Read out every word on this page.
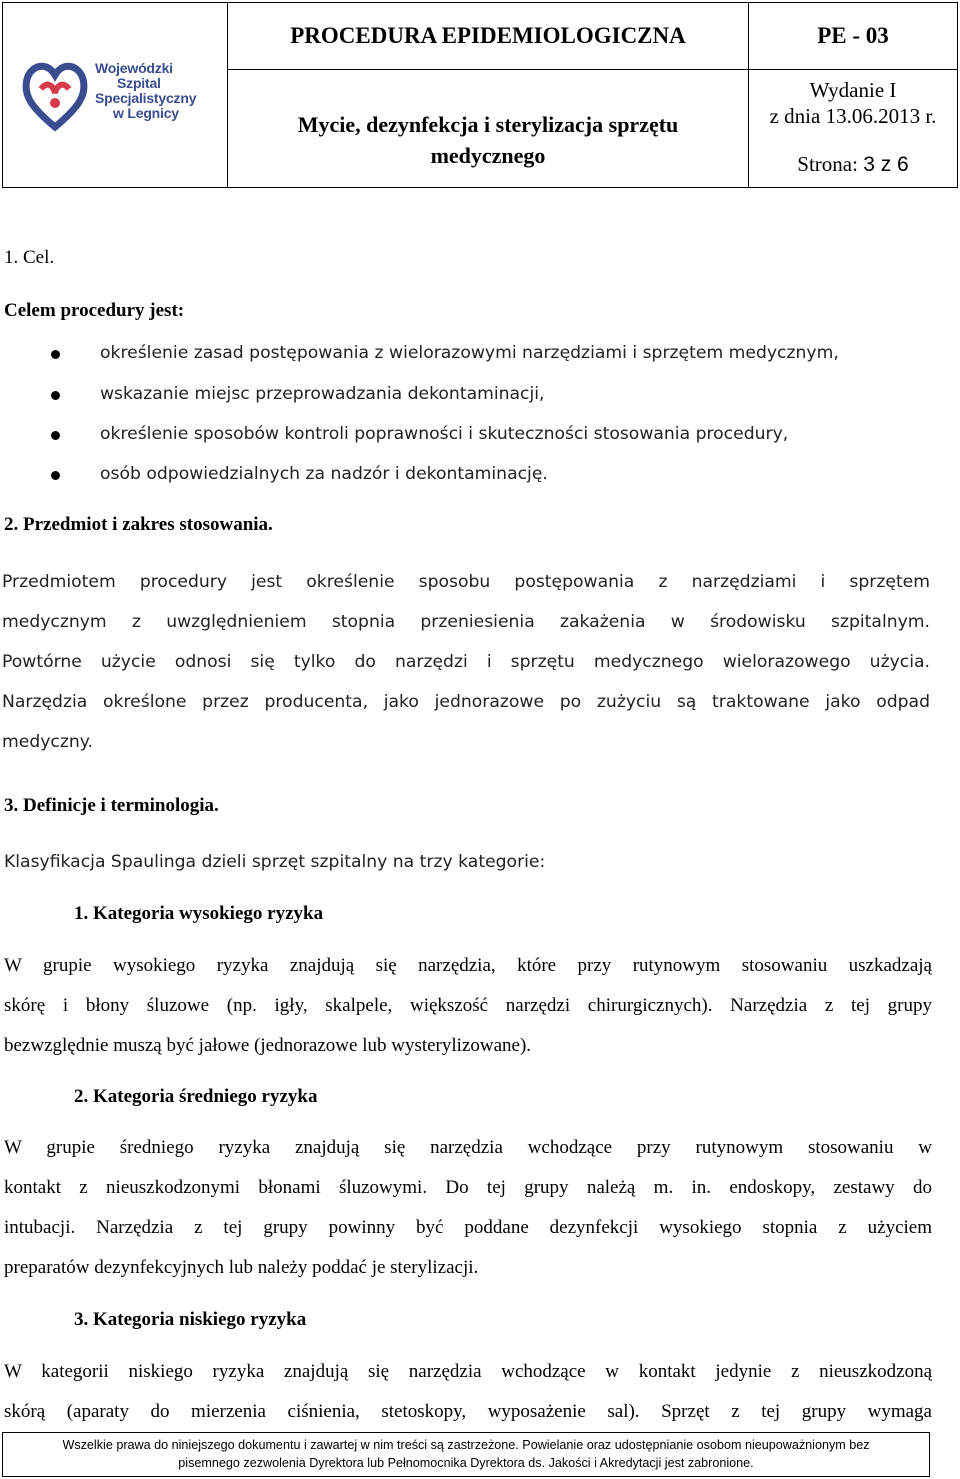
Wojewódzki
Szpital
Specjalistyczny
w Legnicy
PROCEDURA EPIDEMIOLOGICZNA	PE - 03
Mycie, dezynfekcja i sterylizacja sprzętu
medycznego
Wydanie I
z dnia 13.06.2013 r.
Strona: 3 z 6
1. Cel.
Celem procedury jest:
określenie zasad postępowania z wielorazowymi narzędziami i sprzętem medycznym,
wskazanie miejsc przeprowadzania dekontaminacji,
określenie sposobów kontroli poprawności i skuteczności stosowania procedury,
osób odpowiedzialnych za nadzór i dekontaminację.
2. Przedmiot i zakres stosowania.
Przedmiotem procedury jest określenie sposobu postępowania z narzędziami i sprzętem
medycznym z uwzględnieniem stopnia przeniesienia zakażenia w środowisku szpitalnym.
Powtórne użycie odnosi się tylko do narzędzi i sprzętu medycznego wielorazowego użycia.
Narzędzia określone przez producenta, jako jednorazowe po zużyciu są traktowane jako odpad
medyczny.
3. Definicje i terminologia.
Klasyfikacja Spaulinga dzieli sprzęt szpitalny na trzy kategorie:
1. Kategoria wysokiego ryzyka
W grupie wysokiego ryzyka znajdują się narzędzia, które przy rutynowym stosowaniu uszkadzają
skórę i błony śluzowe (np. igły, skalpele, większość narzędzi chirurgicznych). Narzędzia z tej grupy
bezwzględnie muszą być jałowe (jednorazowe lub wysterylizowane).
2. Kategoria średniego ryzyka
W grupie średniego ryzyka znajdują się narzędzia wchodzące przy rutynowym stosowaniu w
kontakt z nieuszkodzonymi błonami śluzowymi. Do tej grupy należą m. in. endoskopy, zestawy do
intubacji. Narzędzia z tej grupy powinny być poddane dezynfekcji wysokiego stopnia z użyciem
preparatów dezynfekcyjnych lub należy poddać je sterylizacji.
3. Kategoria niskiego ryzyka
W kategorii niskiego ryzyka znajdują się narzędzia wchodzące w kontakt jedynie z nieuszkodzoną
skórą (aparaty do mierzenia ciśnienia, stetoskopy, wyposażenie sal). Sprzęt z tej grupy wymaga
Wszelkie prawa do niniejszego dokumentu i zawartej w nim treści są zastrzeżone. Powielanie oraz udostępnianie osobom nieupoważnionym bez
pisemnego zezwolenia Dyrektora lub Pełnomocnika Dyrektora ds. Jakości i Akredytacji jest zabronione.
